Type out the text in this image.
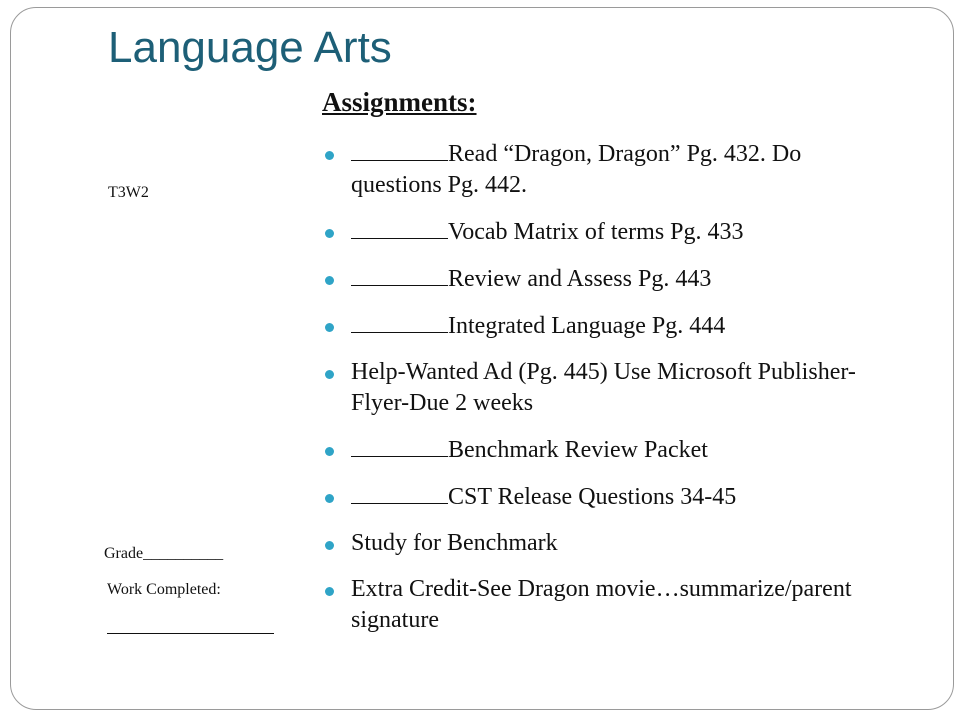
Language Arts
T3W2
Grade__________
Work Completed:
Assignments:
Read “Dragon, Dragon” Pg. 432. Do questions Pg. 442.
Vocab Matrix of terms Pg. 433
Review and Assess Pg. 443
Integrated Language Pg. 444
Help-Wanted Ad (Pg. 445) Use Microsoft Publisher-Flyer-Due 2 weeks
Benchmark Review Packet
CST Release Questions 34-45
Study for Benchmark
Extra Credit-See Dragon movie…summarize/parent signature
